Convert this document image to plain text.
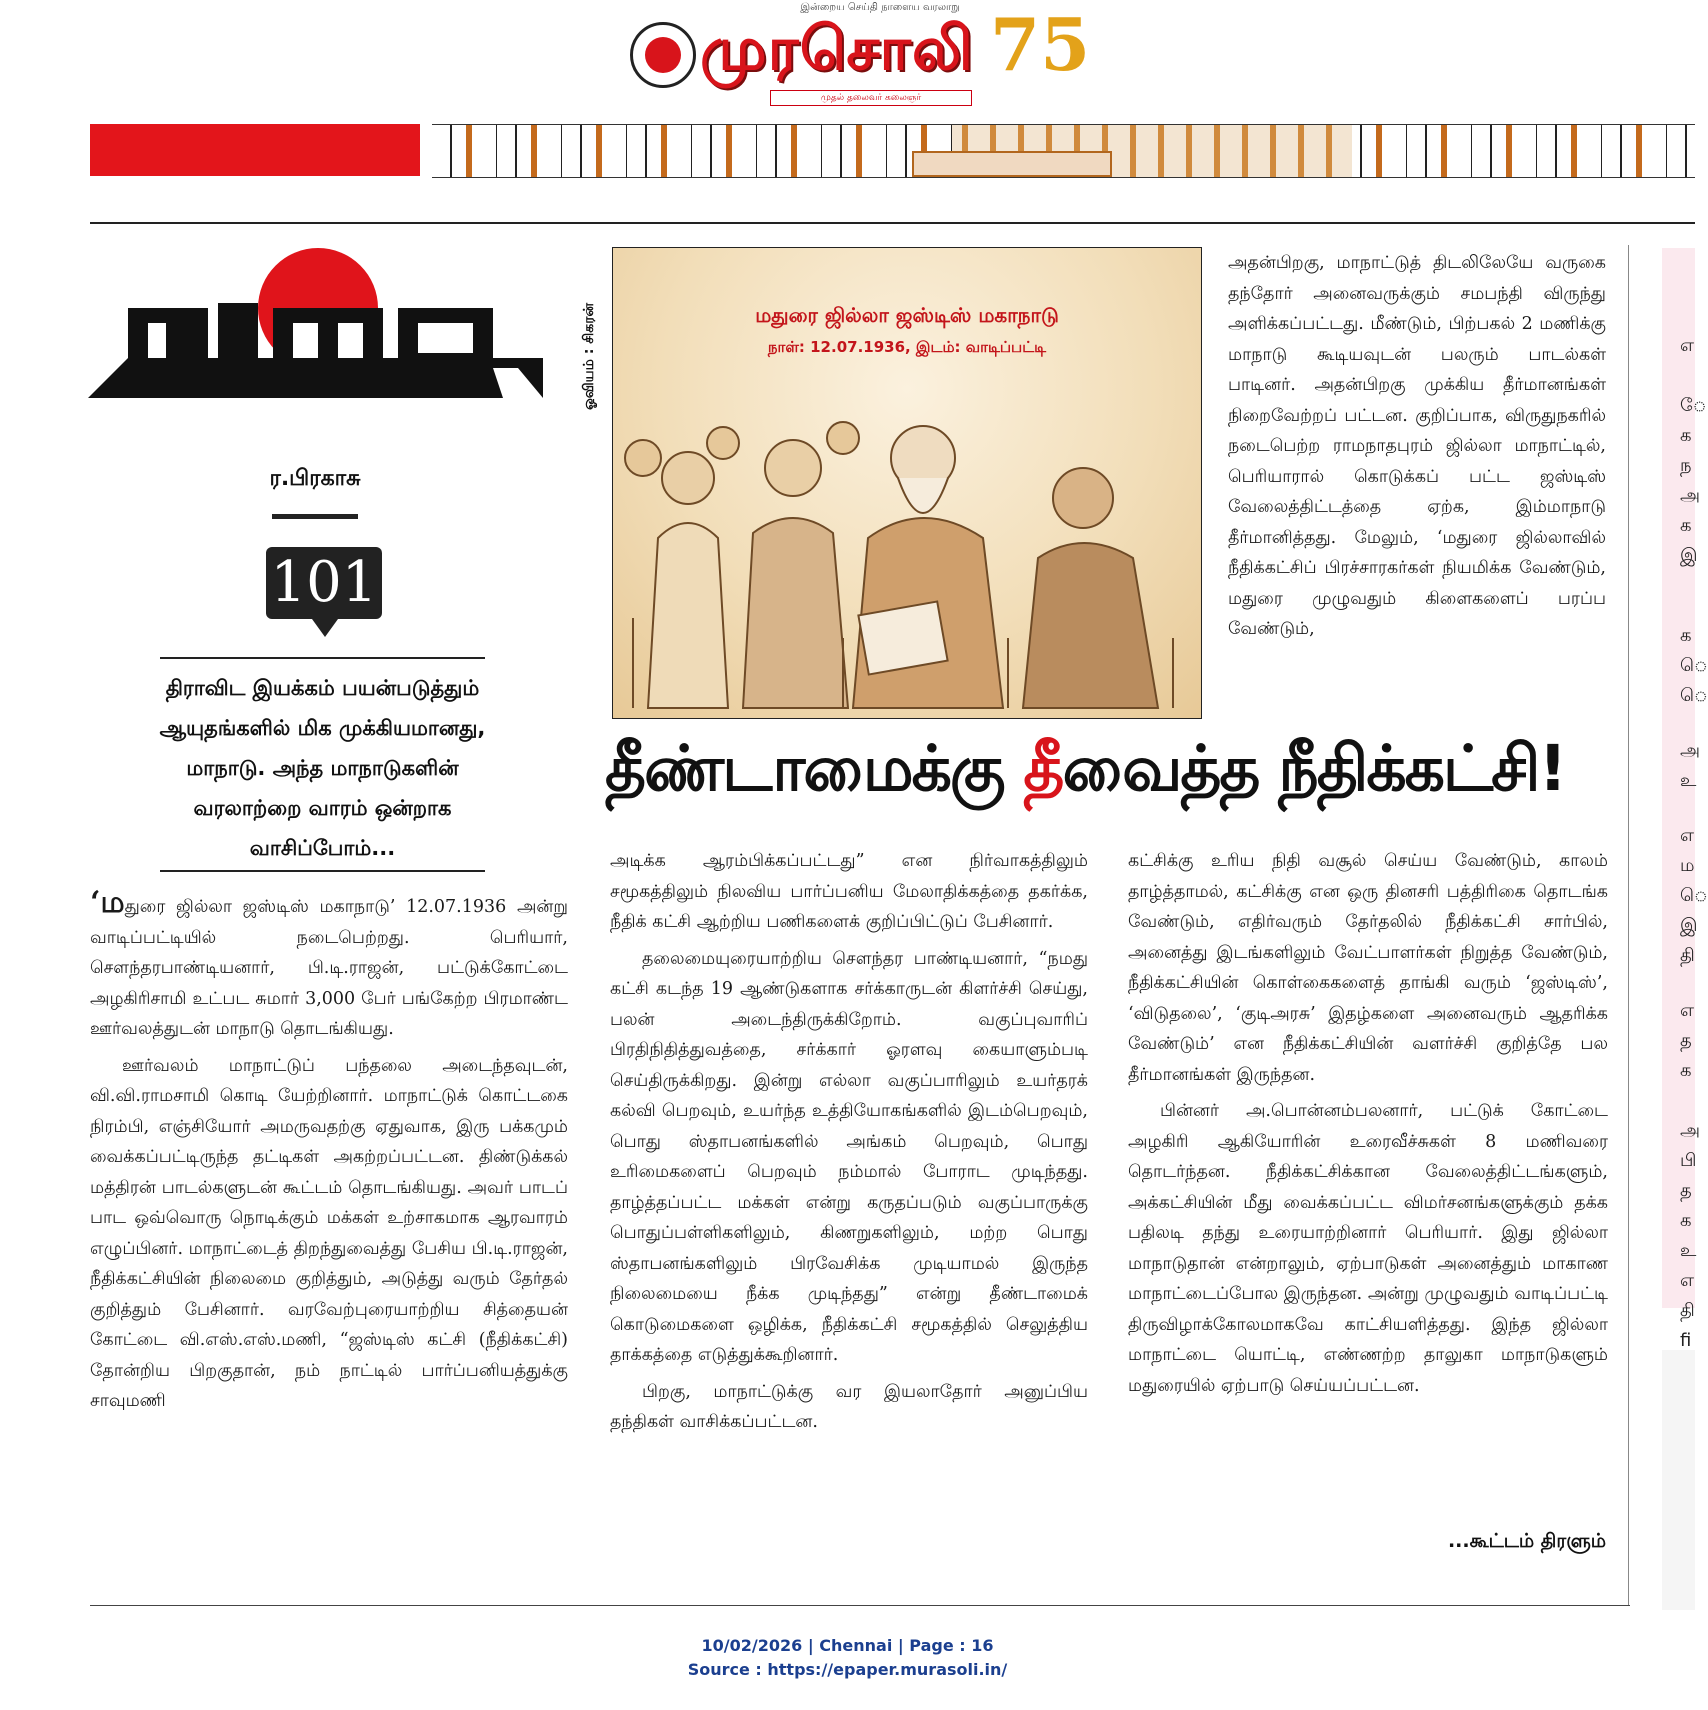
இன்றைய செய்தி நாளைய வரலாறு
முரசொலி 75
முதல் தலைவர் கலைஞர்
ர.பிரகாசு
101
திராவிட இயக்கம் பயன்படுத்தும் ஆயுதங்களில் மிக முக்கியமானது, மாநாடு. அந்த மாநாடுகளின் வரலாற்றை வாரம் ஒன்றாக வாசிப்போம்...
ஓவியம் : சிகரன்	மதுரை ஜில்லா ஜஸ்டிஸ் மகாநாடு
நாள்: 12.07.1936, இடம்: வாடிப்பட்டி
தீண்டாமைக்கு தீவைத்த நீதிக்கட்சி!

அதன்பிறகு, மாநாட்டுத் திடலிலேயே வருகை தந்தோர் அனைவருக்கும் சமபந்தி விருந்து அளிக்கப்பட்டது. மீண்டும், பிற்பகல் 2 மணிக்கு மாநாடு கூடியவுடன் பலரும் பாடல்கள் பாடினர். அதன்பிறகு முக்கிய தீர்மானங்கள் நிறைவேற்றப் பட்டன. குறிப்பாக, விருதுநகரில் நடைபெற்ற ராமநாதபுரம் ஜில்லா மாநாட்டில், பெரியாரால் கொடுக்கப் பட்ட ஜஸ்டிஸ் வேலைத்திட்டத்தை ஏற்க, இம்மாநாடு தீர்மானித்தது. மேலும், ‘மதுரை ஜில்லாவில் நீதிக்கட்சிப் பிரச்சாரகர்கள் நியமிக்க வேண்டும், மதுரை முழுவதும் கிளைகளைப் பரப்ப வேண்டும்,

‘மதுரை ஜில்லா ஜஸ்டிஸ் மகாநாடு’ 12.07.1936 அன்று வாடிப்பட்டியில் நடைபெற்றது. பெரியார், சௌந்தரபாண்டியனார், பி.டி.ராஜன், பட்டுக்கோட்டை அழகிரிசாமி உட்பட சுமார் 3,000 பேர் பங்கேற்ற பிரமாண்ட ஊர்வலத்துடன் மாநாடு தொடங்கியது.

ஊர்வலம் மாநாட்டுப் பந்தலை அடைந்தவுடன், வி.வி.ராமசாமி கொடி யேற்றினார். மாநாட்டுக் கொட்டகை நிரம்பி, எஞ்சியோர் அமருவதற்கு ஏதுவாக, இரு பக்கமும் வைக்கப்பட்டிருந்த தட்டிகள் அகற்றப்பட்டன. திண்டுக்கல் மத்திரன் பாடல்களுடன் கூட்டம் தொடங்கியது. அவர் பாடப் பாட ஒவ்வொரு நொடிக்கும் மக்கள் உற்சாகமாக ஆரவாரம் எழுப்பினர். மாநாட்டைத் திறந்துவைத்து பேசிய பி.டி.ராஜன், நீதிக்கட்சியின் நிலைமை குறித்தும், அடுத்து வரும் தேர்தல் குறித்தும் பேசினார். வரவேற்புரையாற்றிய சித்தையன் கோட்டை வி.எஸ்.எஸ்.மணி, “ஜஸ்டிஸ் கட்சி (நீதிக்கட்சி) தோன்றிய பிறகுதான், நம் நாட்டில் பார்ப்பனியத்துக்கு சாவுமணி

அடிக்க ஆரம்பிக்கப்பட்டது” என நிர்வாகத்திலும் சமூகத்திலும் நிலவிய பார்ப்பனிய மேலாதிக்கத்தை தகர்க்க, நீதிக் கட்சி ஆற்றிய பணிகளைக் குறிப்பிட்டுப் பேசினார்.

தலைமையுரையாற்றிய சௌந்தர பாண்டியனார், “நமது கட்சி கடந்த 19 ஆண்டுகளாக சர்க்காருடன் கிளர்ச்சி செய்து, பலன் அடைந்திருக்கிறோம். வகுப்புவாரிப் பிரதிநிதித்துவத்தை, சர்க்கார் ஓரளவு கையாளும்படி செய்திருக்கிறது. இன்று எல்லா வகுப்பாரிலும் உயர்தரக் கல்வி பெறவும், உயர்ந்த உத்தியோகங்களில் இடம்பெறவும், பொது ஸ்தாபனங்களில் அங்கம் பெறவும், பொது உரிமைகளைப் பெறவும் நம்மால் போராட முடிந்தது. தாழ்த்தப்பட்ட மக்கள் என்று கருதப்படும் வகுப்பாருக்கு பொதுப்பள்ளிகளிலும், கிணறுகளிலும், மற்ற பொது ஸ்தாபனங்களிலும் பிரவேசிக்க முடியாமல் இருந்த நிலைமையை நீக்க முடிந்தது” என்று தீண்டாமைக் கொடுமைகளை ஒழிக்க, நீதிக்கட்சி சமூகத்தில் செலுத்திய தாக்கத்தை எடுத்துக்கூறினார்.

பிறகு, மாநாட்டுக்கு வர இயலாதோர் அனுப்பிய தந்திகள் வாசிக்கப்பட்டன.

கட்சிக்கு உரிய நிதி வசூல் செய்ய வேண்டும், காலம் தாழ்த்தாமல், கட்சிக்கு என ஒரு தினசரி பத்திரிகை தொடங்க வேண்டும், எதிர்வரும் தேர்தலில் நீதிக்கட்சி சார்பில், அனைத்து இடங்களிலும் வேட்பாளர்கள் நிறுத்த வேண்டும், நீதிக்கட்சியின் கொள்கைகளைத் தாங்கி வரும் ‘ஜஸ்டிஸ்’, ‘விடுதலை’, ‘குடிஅரசு’ இதழ்களை அனைவரும் ஆதரிக்க வேண்டும்’ என நீதிக்கட்சியின் வளர்ச்சி குறித்தே பல தீர்மானங்கள் இருந்தன.

பின்னர் அ.பொன்னம்பலனார், பட்டுக் கோட்டை அழகிரி ஆகியோரின் உரைவீச்சுகள் 8 மணிவரை தொடர்ந்தன. நீதிக்கட்சிக்கான வேலைத்திட்டங்களும், அக்கட்சியின் மீது வைக்கப்பட்ட விமர்சனங்களுக்கும் தக்க பதிலடி தந்து உரையாற்றினார் பெரியார். இது ஜில்லா மாநாடுதான் என்றாலும், ஏற்பாடுகள் அனைத்தும் மாகாண மாநாட்டைப்போல இருந்தன. அன்று முழுவதும் வாடிப்பட்டி திருவிழாக்கோலமாகவே காட்சியளித்தது. இந்த ஜில்லா மாநாட்டை யொட்டி, எண்ணற்ற தாலுகா மாநாடுகளும் மதுரையில் ஏற்பாடு செய்யப்பட்டன.

...கூட்டம் திரளும்
எ
ே
க
ந
அ
க
இ
க
ெ
ெ
அ
உ
எ
ம
ெ
இ
தி
எ
த
க
அ
பி
த
க
உ
எ
தி
fi
10/02/2026 | Chennai | Page : 16
Source : https://epaper.murasoli.in/
